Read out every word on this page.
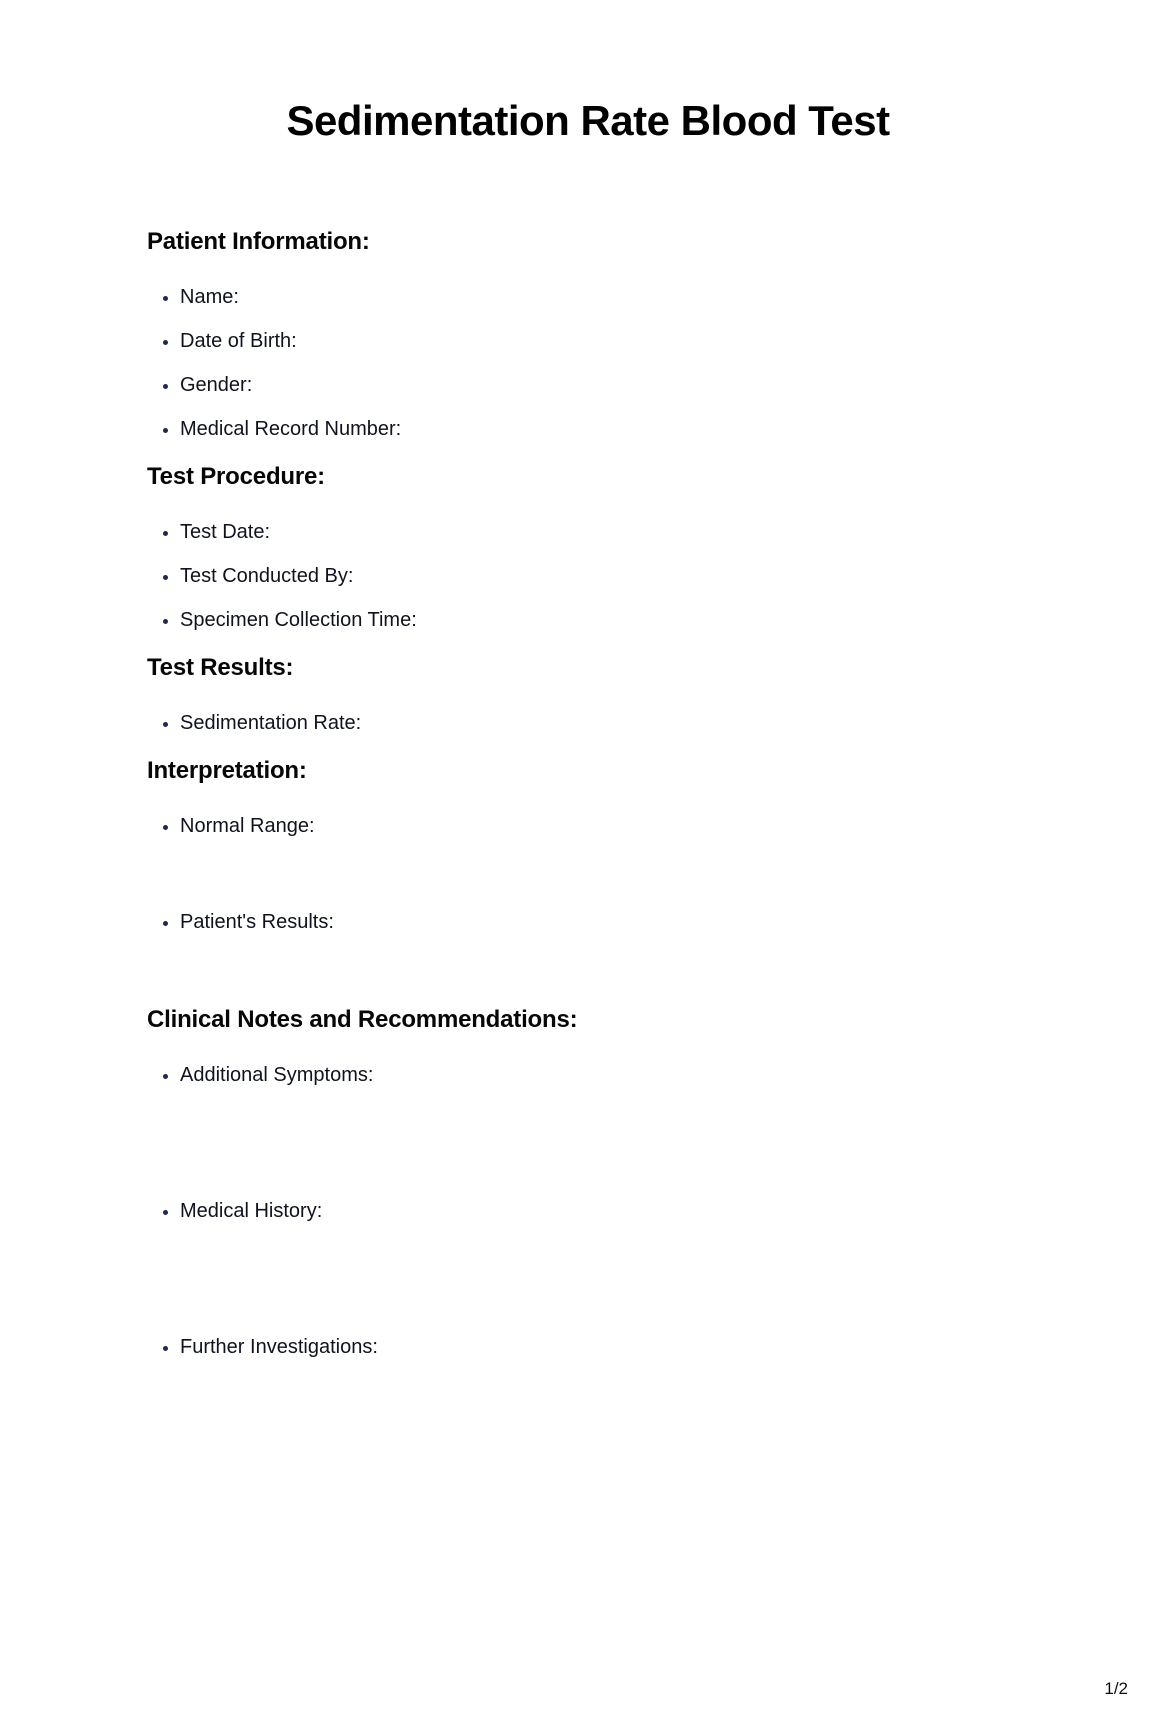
Sedimentation Rate Blood Test
Patient Information:
• Name:
• Date of Birth:
• Gender:
• Medical Record Number:
Test Procedure:
• Test Date:
• Test Conducted By:
• Specimen Collection Time:
Test Results:
• Sedimentation Rate:
Interpretation:
• Normal Range:
• Patient's Results:
Clinical Notes and Recommendations:
• Additional Symptoms:
• Medical History:
• Further Investigations:
1/2
